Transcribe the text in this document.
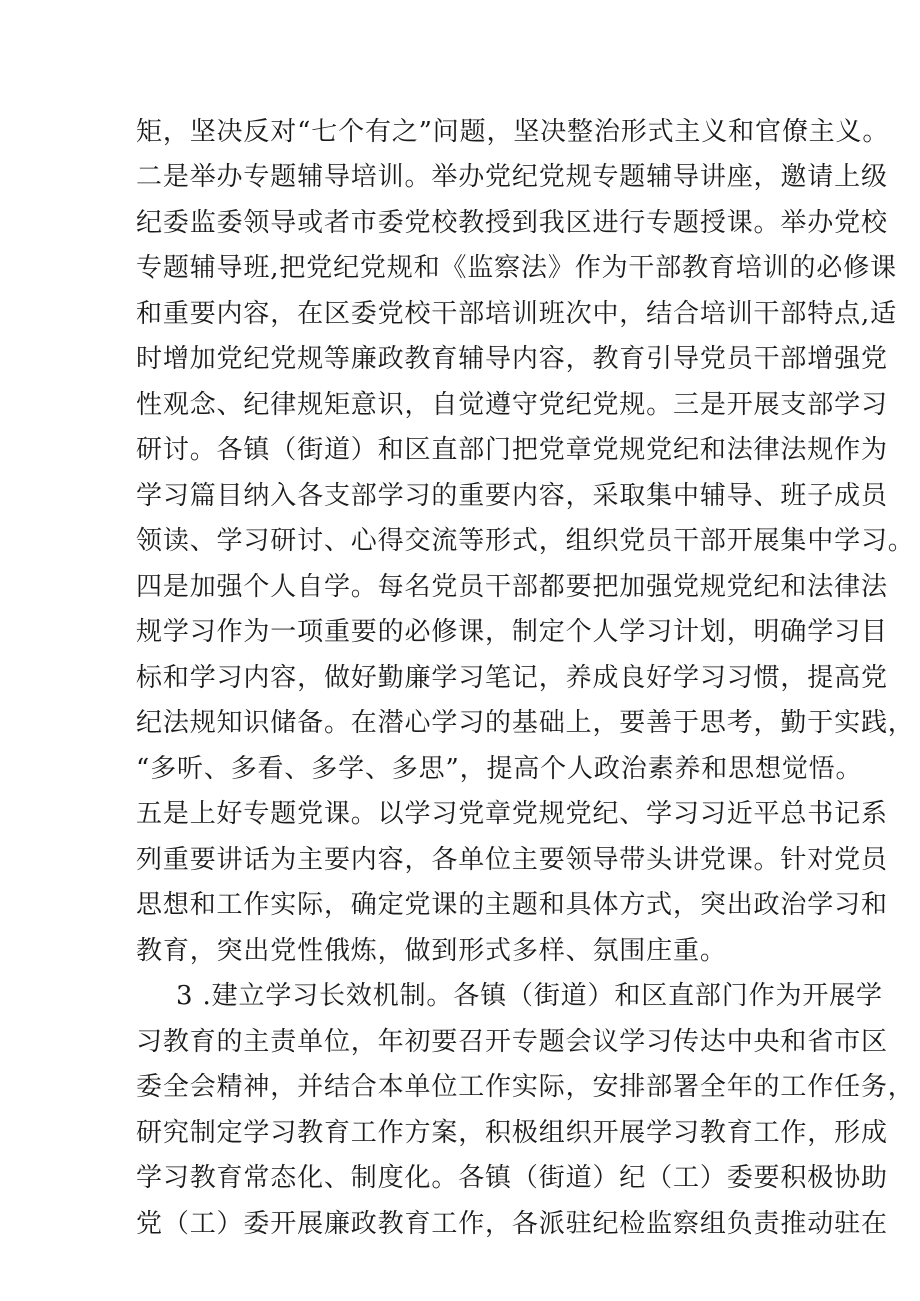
矩，坚决反对“七个有之”问题，坚决整治形式主义和官僚主义。
二是举办专题辅导培训。举办党纪党规专题辅导讲座，邀请上级
纪委监委领导或者市委党校教授到我区进行专题授课。举办党校
专题辅导班,把党纪党规和《监察法》作为干部教育培训的必修课
和重要内容，在区委党校干部培训班次中，结合培训干部特点,适
时增加党纪党规等廉政教育辅导内容，教育引导党员干部增强党
性观念、纪律规矩意识，自觉遵守党纪党规。三是开展支部学习
研讨。各镇（街道）和区直部门把党章党规党纪和法律法规作为
学习篇目纳入各支部学习的重要内容，采取集中辅导、班子成员
领读、学习研讨、心得交流等形式，组织党员干部开展集中学习。
四是加强个人自学。每名党员干部都要把加强党规党纪和法律法
规学习作为一项重要的必修课，制定个人学习计划，明确学习目
标和学习内容，做好勤廉学习笔记，养成良好学习习惯，提高党
纪法规知识储备。在潜心学习的基础上，要善于思考，勤于实践，
“多听、多看、多学、多思”，提高个人政治素养和思想觉悟。
五是上好专题党课。以学习党章党规党纪、学习习近平总书记系
列重要讲话为主要内容，各单位主要领导带头讲党课。针对党员
思想和工作实际，确定党课的主题和具体方式，突出政治学习和
教育，突出党性俄炼，做到形式多样、氛围庄重。
3 .建立学习长效机制。各镇（街道）和区直部门作为开展学
习教育的主责单位，年初要召开专题会议学习传达中央和省市区
委全会精神，并结合本单位工作实际，安排部署全年的工作任务，
研究制定学习教育工作方案，积极组织开展学习教育工作，形成
学习教育常态化、制度化。各镇（街道）纪（工）委要积极协助
党（工）委开展廉政教育工作，各派驻纪检监察组负责推动驻在
